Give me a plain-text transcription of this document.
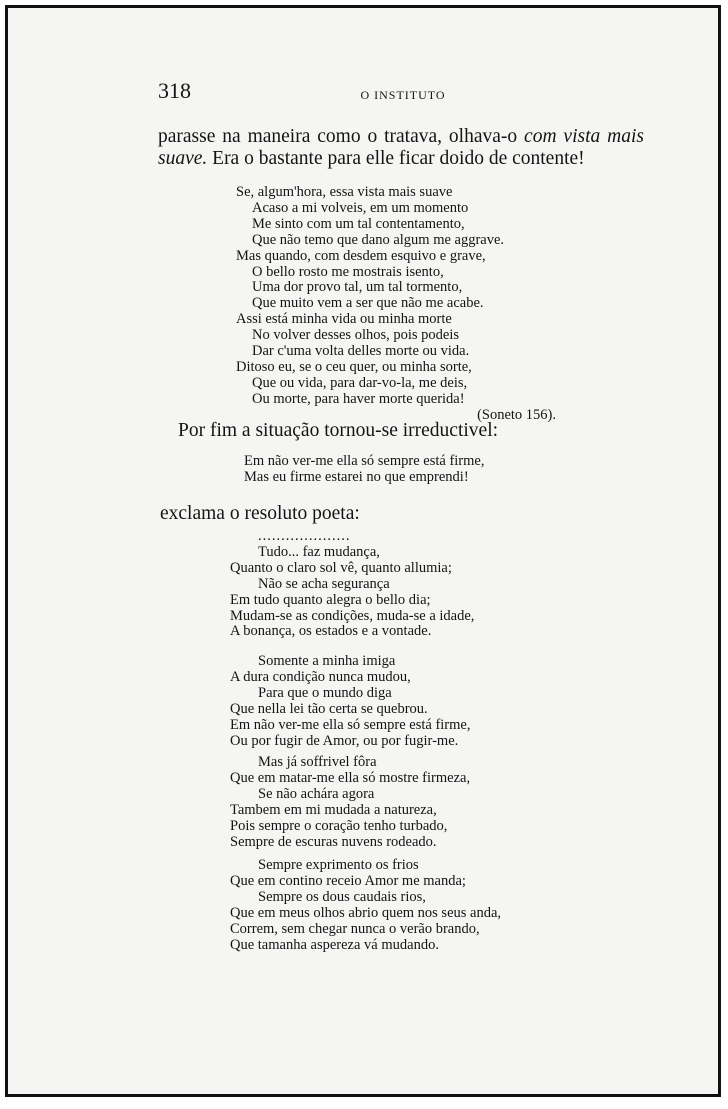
318	O INSTITUTO

parasse na maneira como o tratava, olhava-o com vista mais suave. Era o bastante para elle ficar doido de contente!

Se, algum'hora, essa vista mais suave
Acaso a mi volveis, em um momento
Me sinto com um tal contentamento,
Que não temo que dano algum me aggrave.
Mas quando, com desdem esquivo e grave,
O bello rosto me mostrais isento,
Uma dor provo tal, um tal tormento,
Que muito vem a ser que não me acabe.
Assi está minha vida ou minha morte
No volver desses olhos, pois podeis
Dar c'uma volta delles morte ou vida.
Ditoso eu, se o ceu quer, ou minha sorte,
Que ou vida, para dar-vo-la, me deis,
Ou morte, para haver morte querida!
(Soneto 156).

Por fim a situação tornou-se irreductivel:

Em não ver-me ella só sempre está firme,
Mas eu firme estarei no que emprendi!

exclama o resoluto poeta:

....................
Tudo... faz mudança,
Quanto o claro sol vê, quanto allumia;
Não se acha segurança
Em tudo quanto alegra o bello dia;
Mudam-se as condições, muda-se a idade,
A bonança, os estados e a vontade.
Somente a minha imiga
A dura condição nunca mudou,
Para que o mundo diga
Que nella lei tão certa se quebrou.
Em não ver-me ella só sempre está firme,
Ou por fugir de Amor, ou por fugir-me.
Mas já soffrivel fôra
Que em matar-me ella só mostre firmeza,
Se não achára agora
Tambem em mi mudada a natureza,
Pois sempre o coração tenho turbado,
Sempre de escuras nuvens rodeado.
Sempre exprimento os frios
Que em contino receio Amor me manda;
Sempre os dous caudais rios,
Que em meus olhos abrio quem nos seus anda,
Correm, sem chegar nunca o verão brando,
Que tamanha aspereza vá mudando.
